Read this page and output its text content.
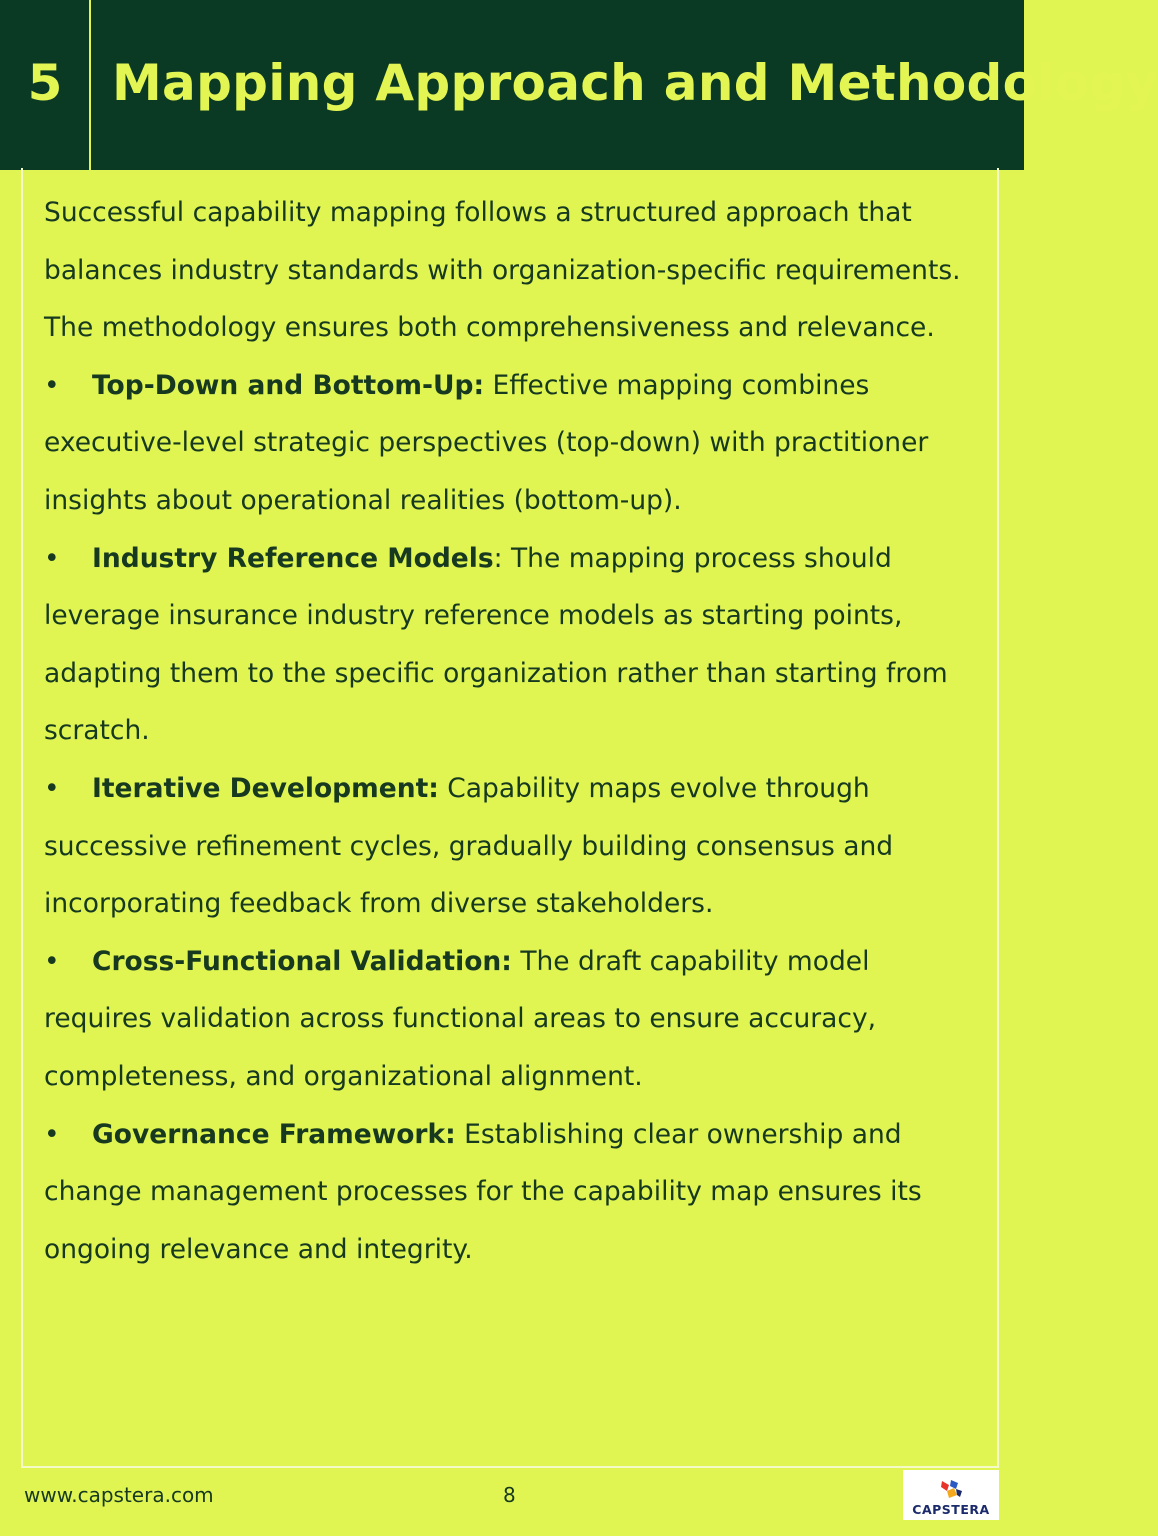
5 Mapping Approach and Methodology

Successful capability mapping follows a structured approach that balances industry standards with organization-specific requirements. The methodology ensures both comprehensiveness and relevance.

• Top-Down and Bottom-Up: Effective mapping combines executive-level strategic perspectives (top-down) with practitioner insights about operational realities (bottom-up).

• Industry Reference Models: The mapping process should leverage insurance industry reference models as starting points, adapting them to the specific organization rather than starting from scratch.

• Iterative Development: Capability maps evolve through successive refinement cycles, gradually building consensus and incorporating feedback from diverse stakeholders.

• Cross-Functional Validation: The draft capability model requires validation across functional areas to ensure accuracy, completeness, and organizational alignment.

• Governance Framework: Establishing clear ownership and change management processes for the capability map ensures its ongoing relevance and integrity.

www.capstera.com	8
CAPSTERA
